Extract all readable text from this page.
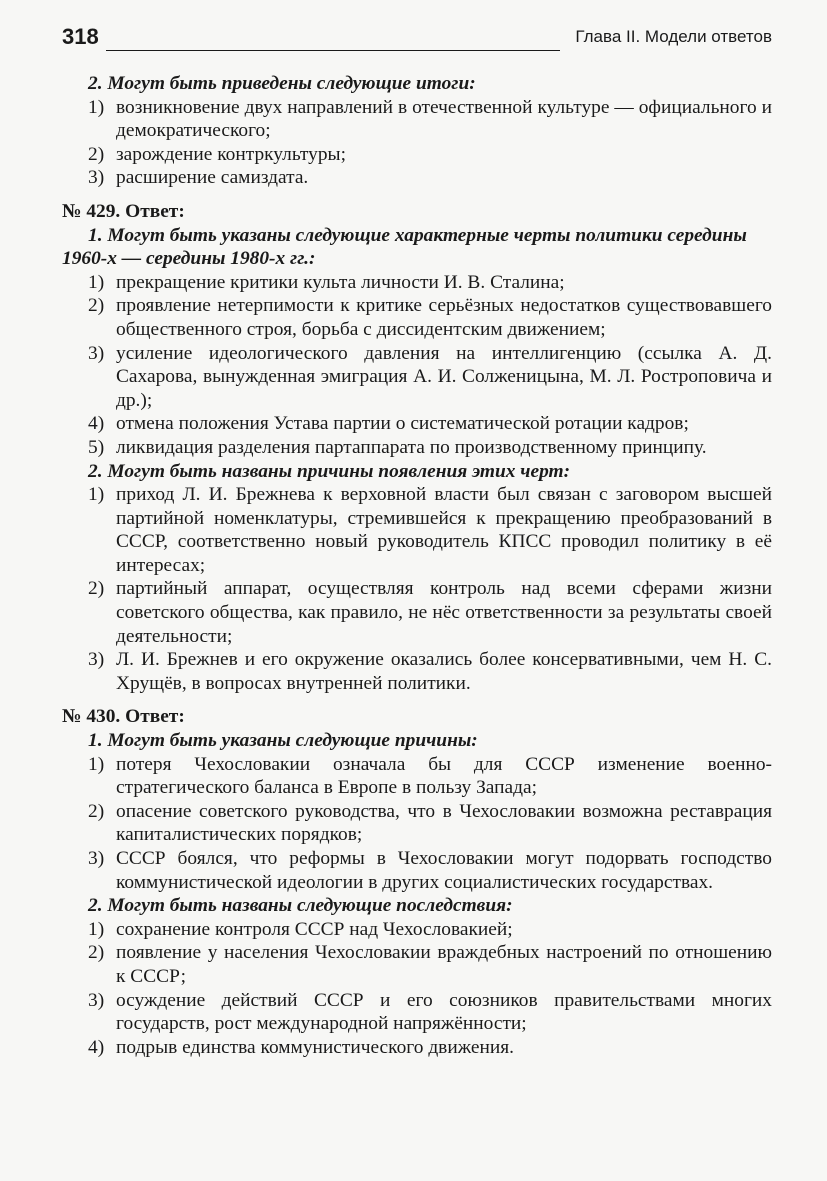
318	Глава II. Модели ответов

2. Могут быть приведены следующие итоги:

1) возникновение двух направлений в отечественной культуре — официального и демократического;
2) зарождение контркультуры;
3) расширение самиздата.

№ 429. Ответ:

1. Могут быть указаны следующие характерные черты политики середины 1960-х — середины 1980-х гг.:

1) прекращение критики культа личности И. В. Сталина;
2) проявление нетерпимости к критике серьёзных недостатков существовавшего общественного строя, борьба с диссидентским движением;
3) усиление идеологического давления на интеллигенцию (ссылка А. Д. Сахарова, вынужденная эмиграция А. И. Солженицына, М. Л. Ростроповича и др.);
4) отмена положения Устава партии о систематической ротации кадров;
5) ликвидация разделения партаппарата по производственному принципу.

2. Могут быть названы причины появления этих черт:

1) приход Л. И. Брежнева к верховной власти был связан с заговором высшей партийной номенклатуры, стремившейся к прекращению преобразований в СССР, соответственно новый руководитель КПСС проводил политику в её интересах;
2) партийный аппарат, осуществляя контроль над всеми сферами жизни советского общества, как правило, не нёс ответственности за результаты своей деятельности;
3) Л. И. Брежнев и его окружение оказались более консервативными, чем Н. С. Хрущёв, в вопросах внутренней политики.

№ 430. Ответ:

1. Могут быть указаны следующие причины:

1) потеря Чехословакии означала бы для СССР изменение военно-стратегического баланса в Европе в пользу Запада;
2) опасение советского руководства, что в Чехословакии возможна реставрация капиталистических порядков;
3) СССР боялся, что реформы в Чехословакии могут подорвать господство коммунистической идеологии в других социалистических государствах.

2. Могут быть названы следующие последствия:

1) сохранение контроля СССР над Чехословакией;
2) появление у населения Чехословакии враждебных настроений по отношению к СССР;
3) осуждение действий СССР и его союзников правительствами многих государств, рост международной напряжённости;
4) подрыв единства коммунистического движения.
